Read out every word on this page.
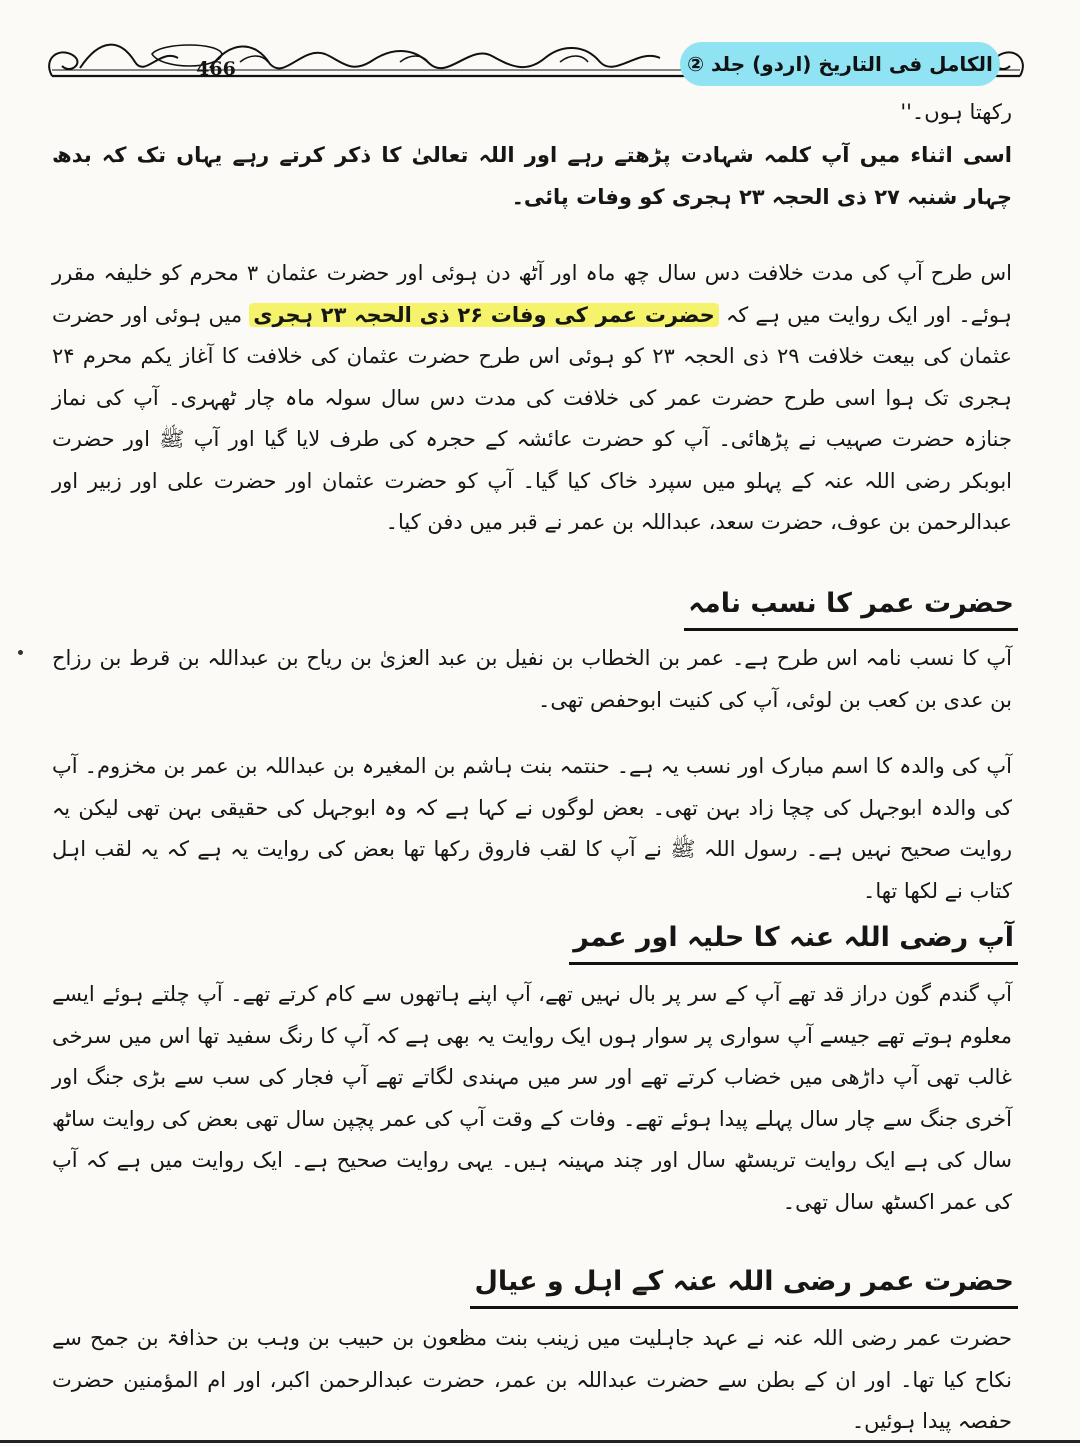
466	الکامل فی التاریخ (اردو) جلد ②
رکھتا ہوں۔''
اسی اثناء میں آپ کلمہ شہادت پڑھتے رہے اور اللہ تعالیٰ کا ذکر کرتے رہے یہاں تک کہ بدھ چہار شنبہ ۲۷ ذی الحجہ ۲۳ ہجری کو وفات پائی۔
اس طرح آپ کی مدت خلافت دس سال چھ ماہ اور آٹھ دن ہوئی اور حضرت عثمان ۳ محرم کو خلیفہ مقرر ہوئے۔ اور ایک روایت میں ہے کہ حضرت عمر کی وفات ۲۶ ذی الحجہ ۲۳ ہجری میں ہوئی اور حضرت عثمان کی بیعت خلافت ۲۹ ذی الحجہ ۲۳ کو ہوئی اس طرح حضرت عثمان کی خلافت کا آغاز یکم محرم ۲۴ ہجری تک ہوا اسی طرح حضرت عمر کی خلافت کی مدت دس سال سولہ ماہ چار ٹھہری۔ آپ کی نماز جنازہ حضرت صہیب نے پڑھائی۔ آپ کو حضرت عائشہ کے حجرہ کی طرف لایا گیا اور آپ ﷺ اور حضرت ابوبکر رضی اللہ عنہ کے پہلو میں سپرد خاک کیا گیا۔ آپ کو حضرت عثمان اور حضرت علی اور زبیر اور عبدالرحمن بن عوف، حضرت سعد، عبداللہ بن عمر نے قبر میں دفن کیا۔
حضرت عمر کا نسب نامہ
آپ کا نسب نامہ اس طرح ہے۔ عمر بن الخطاب بن نفیل بن عبد العزیٰ بن ریاح بن عبداللہ بن قرط بن رزاح بن عدی بن کعب بن لوئی، آپ کی کنیت ابوحفص تھی۔
آپ کی والدہ کا اسم مبارک اور نسب یہ ہے۔ حنتمہ بنت ہاشم بن المغیرہ بن عبداللہ بن عمر بن مخزوم۔ آپ کی والدہ ابوجہل کی چچا زاد بہن تھی۔ بعض لوگوں نے کہا ہے کہ وہ ابوجہل کی حقیقی بہن تھی لیکن یہ روایت صحیح نہیں ہے۔ رسول اللہ ﷺ نے آپ کا لقب فاروق رکھا تھا بعض کی روایت یہ ہے کہ یہ لقب اہل کتاب نے لکھا تھا۔
آپ رضی اللہ عنہ کا حلیہ اور عمر
آپ گندم گون دراز قد تھے آپ کے سر پر بال نہیں تھے، آپ اپنے ہاتھوں سے کام کرتے تھے۔ آپ چلتے ہوئے ایسے معلوم ہوتے تھے جیسے آپ سواری پر سوار ہوں ایک روایت یہ بھی ہے کہ آپ کا رنگ سفید تھا اس میں سرخی غالب تھی آپ داڑھی میں خضاب کرتے تھے اور سر میں مہندی لگاتے تھے آپ فجار کی سب سے بڑی جنگ اور آخری جنگ سے چار سال پہلے پیدا ہوئے تھے۔ وفات کے وقت آپ کی عمر پچپن سال تھی بعض کی روایت ساٹھ سال کی ہے ایک روایت تریسٹھ سال اور چند مہینہ ہیں۔ یہی روایت صحیح ہے۔ ایک روایت میں ہے کہ آپ کی عمر اکسٹھ سال تھی۔
حضرت عمر رضی اللہ عنہ کے اہل و عیال
حضرت عمر رضی اللہ عنہ نے عہد جاہلیت میں زینب بنت مظعون بن حبیب بن وہب بن حذافۃ بن جمح سے نکاح کیا تھا۔ اور ان کے بطن سے حضرت عبداللہ بن عمر، حضرت عبدالرحمن اکبر، اور ام المؤمنین حضرت حفصہ پیدا ہوئیں۔
